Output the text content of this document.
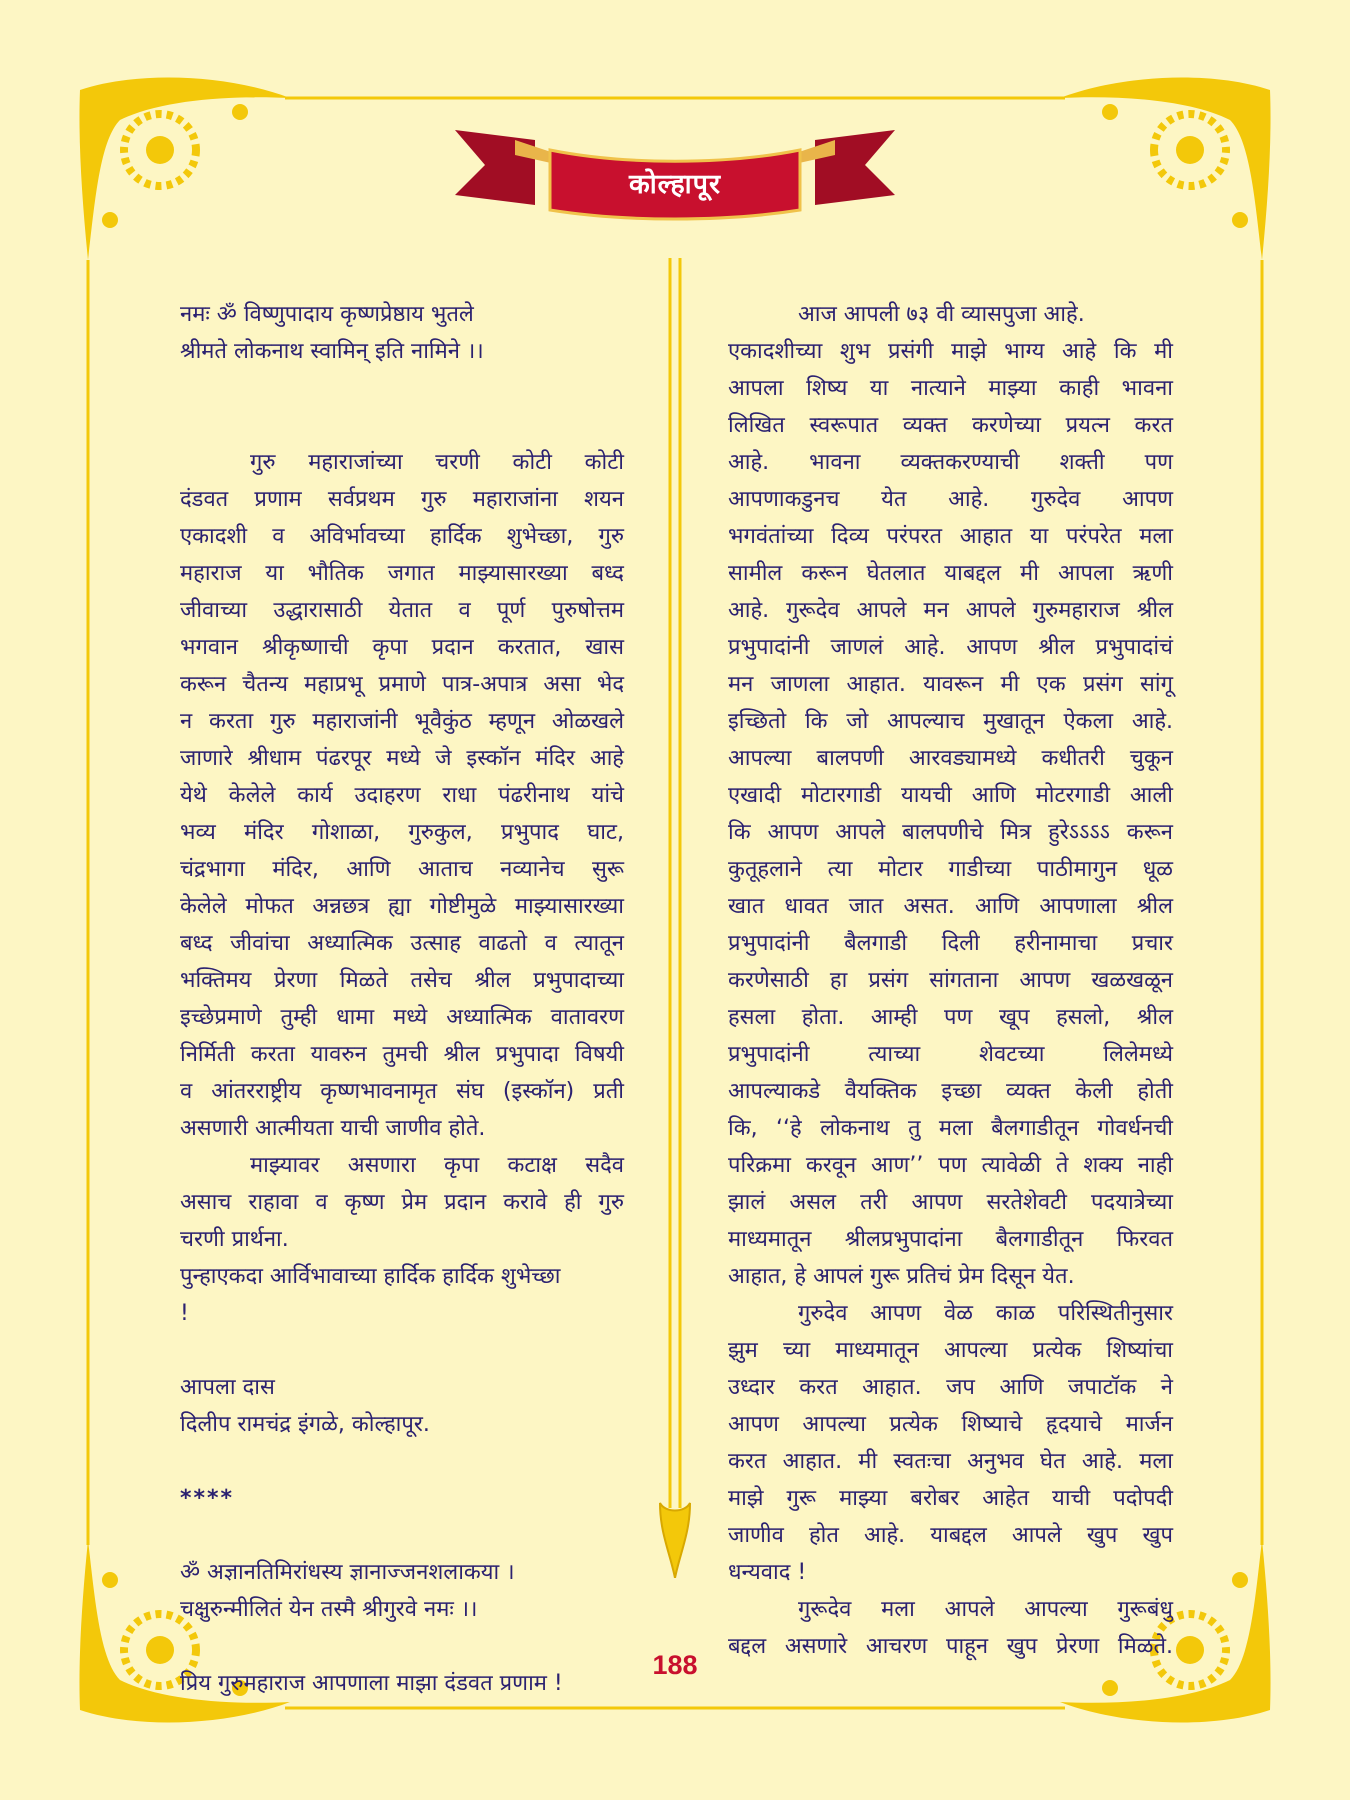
कोल्हापूर

नमः ॐ विष्णुपादाय कृष्णप्रेष्ठाय भुतले

श्रीमते लोकनाथ स्वामिन् इति नामिने ।।

गुरु महाराजांच्या चरणी कोटी कोटी

दंडवत प्रणाम सर्वप्रथम गुरु महाराजांना शयन

एकादशी व अविर्भावच्या हार्दिक शुभेच्छा, गुरु

महाराज या भौतिक जगात माझ्यासारख्या बध्द

जीवाच्या उद्धारासाठी येतात व पूर्ण पुरुषोत्तम

भगवान श्रीकृष्णाची कृपा प्रदान करतात, खास

करून चैतन्य महाप्रभू प्रमाणे पात्र-अपात्र असा भेद

न करता गुरु महाराजांनी भूवैकुंठ म्हणून ओळखले

जाणारे श्रीधाम पंढरपूर मध्ये जे इस्कॉन मंदिर आहे

येथे केलेले कार्य उदाहरण राधा पंढरीनाथ यांचे

भव्य मंदिर गोशाळा, गुरुकुल, प्रभुपाद घाट,

चंद्रभागा मंदिर, आणि आताच नव्यानेच सुरू

केलेले मोफत अन्नछत्र ह्या गोष्टीमुळे माझ्यासारख्या

बध्द जीवांचा अध्यात्मिक उत्साह वाढतो व त्यातून

भक्तिमय प्रेरणा मिळते तसेच श्रील प्रभुपादाच्या

इच्छेप्रमाणे तुम्ही धामा मध्ये अध्यात्मिक वातावरण

निर्मिती करता यावरुन तुमची श्रील प्रभुपादा विषयी

व आंतरराष्ट्रीय कृष्णभावनामृत संघ (इस्कॉन) प्रती

असणारी आत्मीयता याची जाणीव होते.

माझ्यावर असणारा कृपा कटाक्ष सदैव

असाच राहावा व कृष्ण प्रेम प्रदान करावे ही गुरु

चरणी प्रार्थना.

पुन्हाएकदा आर्विभावाच्या हार्दिक हार्दिक शुभेच्छा

!

आपला दास

दिलीप रामचंद्र इंगळे, कोल्हापूर.

****

ॐ अज्ञानतिमिरांधस्य ज्ञानाज्जनशलाकया ।

चक्षुरुन्मीलितं येन तस्मै श्रीगुरवे नमः ।।

प्रिय गुरुमहाराज आपणाला माझा दंडवत प्रणाम !

आज आपली ७३ वी व्यासपुजा आहे.

एकादशीच्या शुभ प्रसंगी माझे भाग्य आहे कि मी

आपला शिष्य या नात्याने माझ्या काही भावना

लिखित स्वरूपात व्यक्त करणेच्या प्रयत्न करत

आहे. भावना व्यक्तकरण्याची शक्ती पण

आपणाकडुनच येत आहे. गुरुदेव आपण

भगवंतांच्या दिव्य परंपरत आहात या परंपरेत मला

सामील करून घेतलात याबद्दल मी आपला ऋणी

आहे. गुरूदेव आपले मन आपले गुरुमहाराज श्रील

प्रभुपादांनी जाणलं आहे. आपण श्रील प्रभुपादांचं

मन जाणला आहात. यावरून मी एक प्रसंग सांगू

इच्छितो कि जो आपल्याच मुखातून ऐकला आहे.

आपल्या बालपणी आरवड्यामध्ये कधीतरी चुकून

एखादी मोटारगाडी यायची आणि मोटरगाडी आली

कि आपण आपले बालपणीचे मित्र हुरेऽऽऽऽ करून

कुतूहलाने त्या मोटार गाडीच्या पाठीमागुन धूळ

खात धावत जात असत. आणि आपणाला श्रील

प्रभुपादांनी बैलगाडी दिली हरीनामाचा प्रचार

करणेसाठी हा प्रसंग सांगताना आपण खळखळून

हसला होता. आम्ही पण खूप हसलो, श्रील

प्रभुपादांनी त्याच्या शेवटच्या लिलेमध्ये

आपल्याकडे वैयक्तिक इच्छा व्यक्त केली होती

कि, ‘‘हे लोकनाथ तु मला बैलगाडीतून गोवर्धनची

परिक्रमा करवून आण’’ पण त्यावेळी ते शक्य नाही

झालं असल तरी आपण सरतेशेवटी पदयात्रेच्या

माध्यमातून श्रीलप्रभुपादांना बैलगाडीतून फिरवत

आहात, हे आपलं गुरू प्रतिचं प्रेम दिसून येत.

गुरुदेव आपण वेळ काळ परिस्थितीनुसार

झुम च्या माध्यमातून आपल्या प्रत्येक शिष्यांचा

उध्दार करत आहात. जप आणि जपाटॉक ने

आपण आपल्या प्रत्येक शिष्याचे हृदयाचे मार्जन

करत आहात. मी स्वतःचा अनुभव घेत आहे. मला

माझे गुरू माझ्या बरोबर आहेत याची पदोपदी

जाणीव होत आहे. याबद्दल आपले खुप खुप

धन्यवाद !

गुरूदेव मला आपले आपल्या गुरूबंधु

बद्दल असणारे आचरण पाहून खुप प्रेरणा मिळते.

188
